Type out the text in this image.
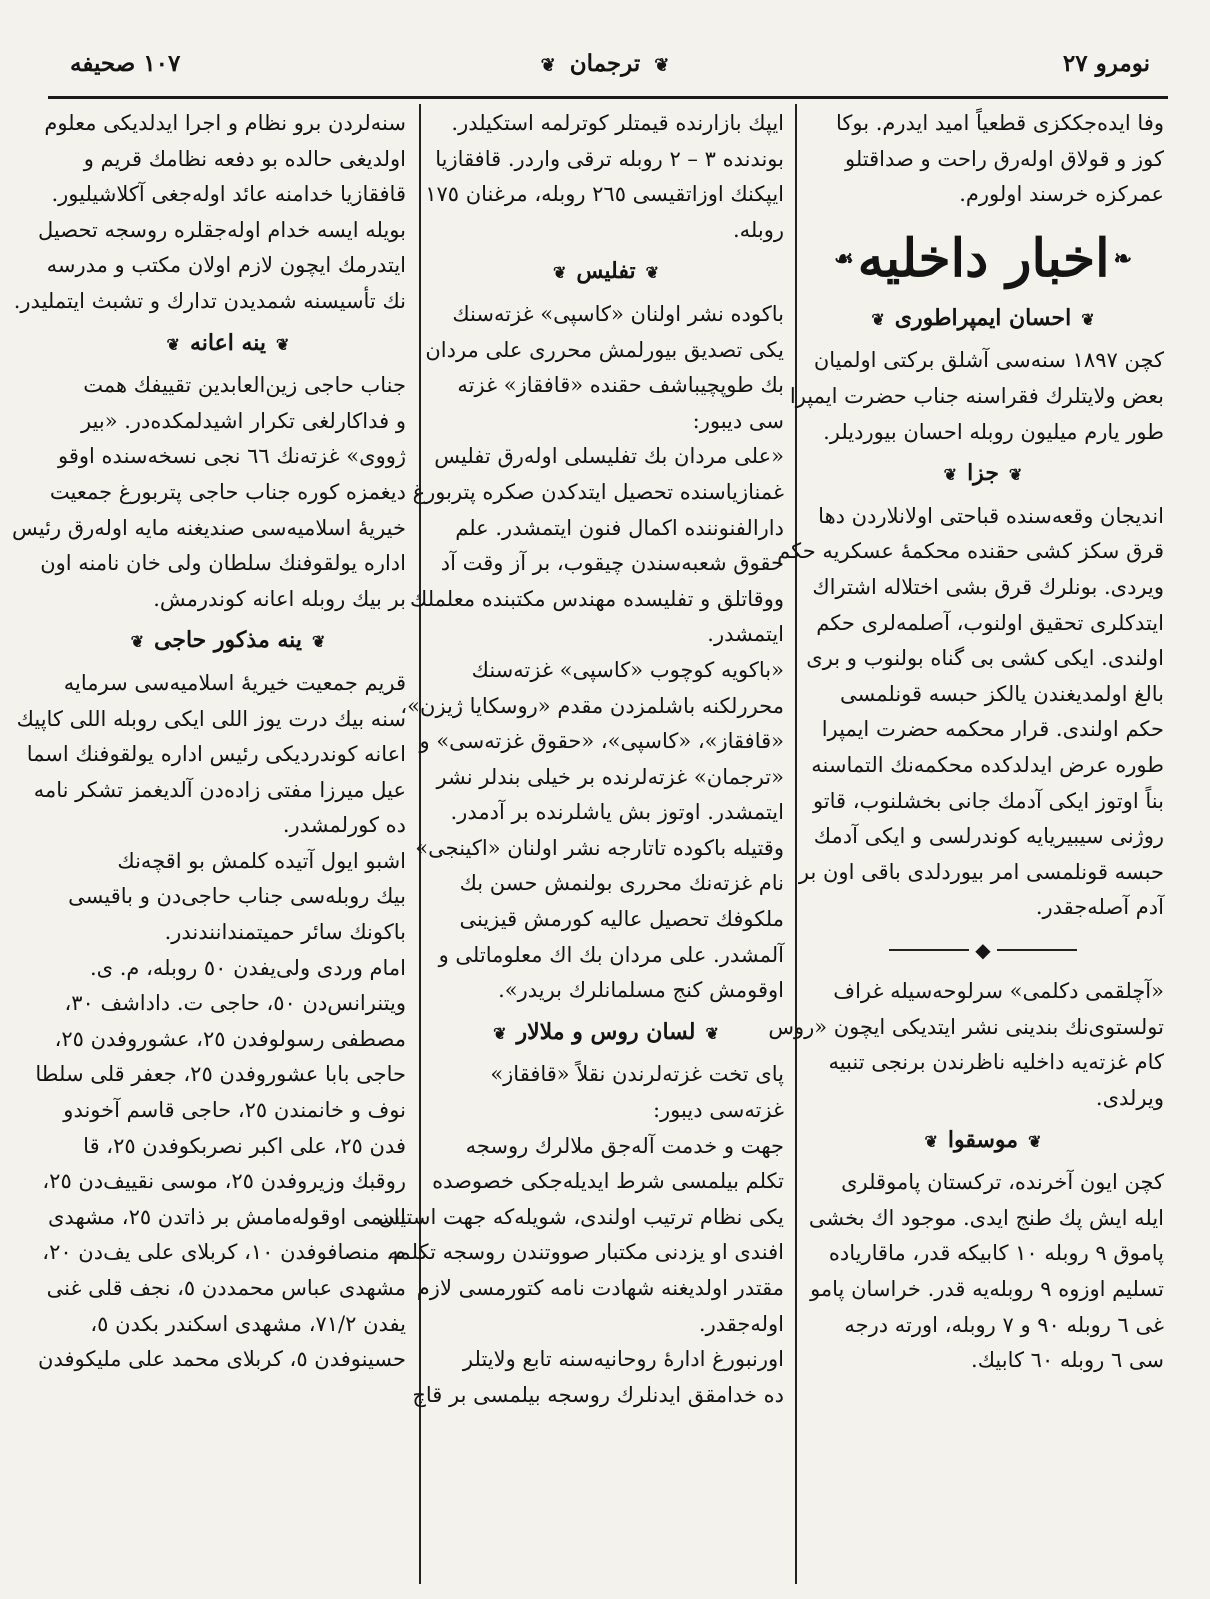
١٠٧ صحیفه	❦ ترجمان ❦	نومرو ٢٧
وفا ایده‌جککزی قطعیاً امید ایدرم. بوکا
کوز و قولاق اوله‌رق راحت و صداقتلو
عمرکزه خرسند اولورم.
❧اخبار داخلیه☙
❦احسان ایمپراطوری❦
کچن ١٨٩٧ سنه‌سی آشلق برکتی اولمیان
بعض ولایتلرك فقراسنه جناب حضرت ایمپرا
طور یارم میلیون روبله احسان بیوردیلر.
❦جزا❦
اندیجان وقعه‌سنده قباحتی اولانلاردن دها
قرق سکز کشی حقنده محکمهٔ عسکریه حکم
ویردی. بونلرك قرق بشی اختلاله اشتراك
ایتدکلری تحقیق اولنوب، آصلمه‌لری حکم
اولندی. ایکی کشی بی گناه بولنوب و بری
بالغ اولمدیغندن یالکز حبسه قونلمسی
حکم اولندی. قرار محکمه حضرت ایمپرا
طوره عرض ایدلدکده محکمه‌نك التماسنه
بناً اوتوز ایکی آدمك جانی بخشلنوب، قاتو
روژنی سیبیریایه کوندرلسی و ایکی آدمك
حبسه قونلمسی امر بیوردلدی باقی اون بر
آدم آصله‌جقدر.
◆
«آچلقمی دکلمی» سرلوحه‌سیله غراف
تولستوی‌نك بندینی نشر ایتدیکی ایچون «روس
کام غزته‌یه داخلیه ناظرندن برنجی تنبیه
ویرلدی.
❦موسقوا❦
کچن ایون آخرنده، ترکستان پاموقلری
ایله ایش پك طنج ایدی. موجود اك بخشی
پاموق ٩ روبله ١٠ کابیکه قدر، ماقاریاده
تسلیم اوزوه ٩ روبله‌یه قدر. خراسان پامو
غی ٦ روبله ٩٠ و ٧ روبله، اورته درجه
سی ٦ روبله ٦٠ کابیك.
ایپك بازارنده قیمتلر کوترلمه استکیلدر.
بوندنده ٣ – ٢ روبله ترقی واردر. قافقازیا
ایپکنك اوزاتقیسی ٢٦٥ روبله، مرغنان ١٧٥
روبله.
❦تفلیس❦
باکوده نشر اولنان «کاسپی» غزته‌سنك
یکی تصدیق بیورلمش محرری علی مردان
بك طوپچیباشف حقنده «قافقاز» غزته
سی دیبور:
«علی مردان بك تفلیسلی اوله‌رق تفلیس
غمنازیاسنده تحصیل ایتدکدن صکره پتربورغ
دارالفنوننده اکمال فنون ایتمشدر. علم
حقوق شعبه‌سندن چیقوب، بر آز وقت آد
ووقاتلق و تفلیسده مهندس مکتبنده معلملك
ایتمشدر.
«باکویه کوچوب «کاسپی» غزته‌سنك
محررلکنه باشلمزدن مقدم «روسکایا ژیزن»،
«قافقاز»، «کاسپی»، «حقوق غزته‌سی» و
«ترجمان» غزته‌لرنده بر خیلی بندلر نشر
ایتمشدر. اوتوز بش یاشلرنده بر آدمدر.
وقتیله باکوده تاتارجه نشر اولنان «اکینجی»
نام غزته‌نك محرری بولنمش حسن بك
ملکوفك تحصیل عالیه کورمش قیزینی
آلمشدر. علی مردان بك اك معلوماتلی و
اوقومش کنج مسلمانلرك بریدر».
❦لسان روس و ملالار❦
پای تخت غزته‌لرندن نقلاً «قافقاز»
غزته‌سی دیبور:
جهت و خدمت آله‌جق ملالرك روسجه
تکلم بیلمسی شرط ایدیله‌جکی خصوصده
یکی نظام ترتیب اولندی، شویله‌که جهت استیان
افندی او یزدنی مکتبار صووتندن روسجه تکلمه
مقتدر اولدیغنه شهادت نامه کتورمسی لازم
اوله‌جقدر.
اورنبورغ ادارهٔ روحانیه‌سنه تابع ولایتلر
ده خدامقق ایدنلرك روسجه بیلمسی بر قاچ
سنه‌لردن برو نظام و اجرا ایدلدیکی معلوم
اولدیغی حالده بو دفعه نظامك قریم و
قافقازیا خدامنه عائد اوله‌جغی آکلاشیلیور.
بویله ایسه خدام اوله‌جقلره روسجه تحصیل
ایتدرمك ایچون لازم اولان مکتب و مدرسه
نك تأسیسنه شمدیدن تدارك و تشبث ایتملیدر.
❦ینه اعانه❦
جناب حاجی زین‌العابدین تقییفك همت
و فداکارلغی تکرار اشیدلمکده‌در. «بیر
ژووی» غزته‌نك ٦٦ نجی نسخه‌سنده اوقو
دیغمزه کوره جناب حاجی پتربورغ جمعیت
خیریهٔ اسلامیه‌سی صندیغنه مایه اوله‌رق رئیس
اداره یولقوفنك سلطان ولی خان نامنه اون
بر بیك روبله اعانه کوندرمش.
❦ینه مذکور حاجی❦
قریم جمعیت خیریهٔ اسلامیه‌سی سرمایه
سنه بیك درت یوز اللی ایکی روبله اللی کاپیك
اعانه کوندردیکی رئیس اداره یولقوفنك اسما
عیل میرزا مفتی زاده‌دن آلدیغمز تشکر نامه
ده کورلمشدر.
اشبو ایول آتیده کلمش بو اقچه‌نك
بیك روبله‌سی جناب حاجی‌دن و باقیسی
باکونك سائر حمیتمندانندندر.
امام وردی ولی‌یفدن ٥٠ روبله، م. ی.
ویتنرانس‌دن ٥٠، حاجی ت. داداشف ٣٠،
مصطفی رسولوفدن ٢٥، عشوروفدن ٢٥،
حاجی بابا عشوروفدن ٢٥، جعفر قلی سلطا
نوف و خانمندن ٢٥، حاجی قاسم آخوندو
فدن ٢٥، علی اکبر نصربکوفدن ٢٥، قا
روقبك وزیروفدن ٢٥، موسی نقییف‌دن ٢٥،
اسمی اوقوله‌مامش بر ذاتدن ٢٥، مشهدی
م. منصافوفدن ١٠، کربلای علی یف‌دن ٢٠،
مشهدی عباس محمددن ٥، نجف قلی غنی
یفدن ٧١/٢، مشهدی اسکندر بکدن ٥،
حسینوفدن ٥، کربلای محمد علی ملیکوفدن
